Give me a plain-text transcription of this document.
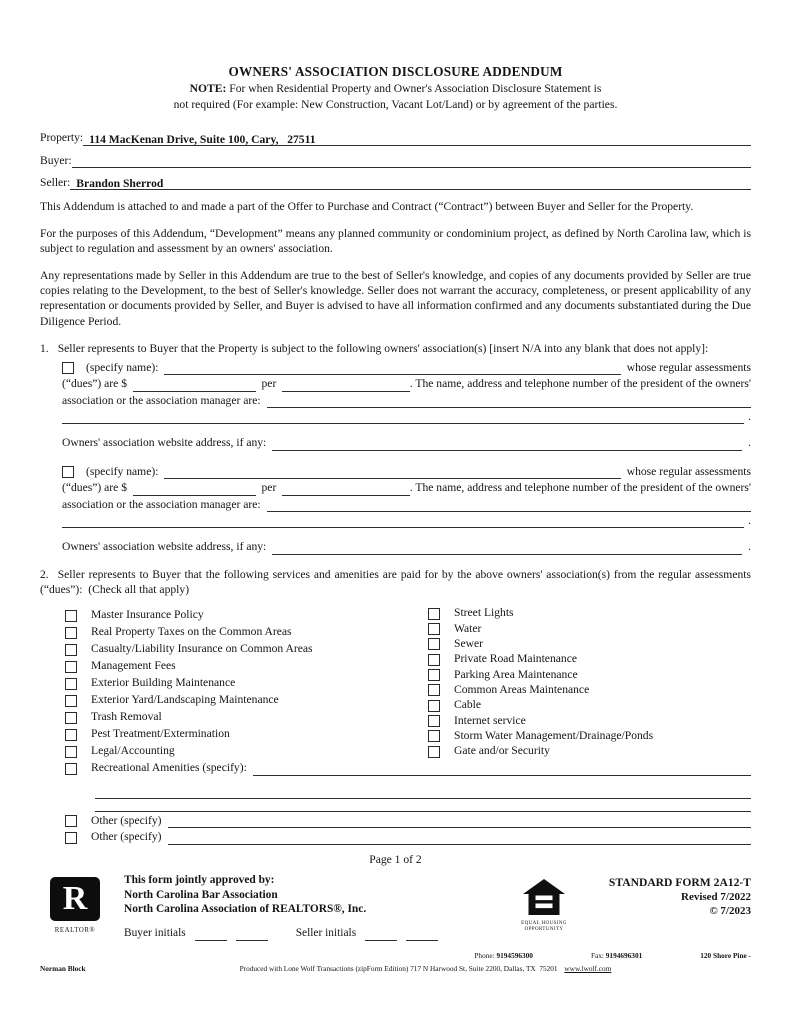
OWNERS' ASSOCIATION DISCLOSURE ADDENDUM
NOTE: For when Residential Property and Owner's Association Disclosure Statement is
not required (For example: New Construction, Vacant Lot/Land) or by agreement of the parties.
Property: 114 MacKenan Drive, Suite 100, Cary,   27511
Buyer:
Seller: Brandon Sherrod

This Addendum is attached to and made a part of the Offer to Purchase and Contract (“Contract”) between Buyer and Seller for the Property.

For the purposes of this Addendum, “Development” means any planned community or condominium project, as defined by North Carolina law, which is subject to regulation and assessment by an owners' association.

Any representations made by Seller in this Addendum are true to the best of Seller's knowledge, and copies of any documents provided by Seller are true copies relating to the Development, to the best of Seller's knowledge. Seller does not warrant the accuracy, completeness, or present applicability of any representation or documents provided by Seller, and Buyer is advised to have all information confirmed and any documents substantiated during the Due Diligence Period.

1. Seller represents to Buyer that the Property is subject to the following owners' association(s) [insert N/A into any blank that does not apply]:

(specify name):	whose regular assessments
(“dues”) are $	per	. The name, address and telephone number of the president of the owners'
association or the association manager are:
.
Owners' association website address, if any:	.
(specify name):	whose regular assessments
(“dues”) are $	per	. The name, address and telephone number of the president of the owners'
association or the association manager are:
.
Owners' association website address, if any:	.

2. Seller represents to Buyer that the following services and amenities are paid for by the above owners' association(s) from the regular assessments (“dues”):  (Check all that apply)

Master Insurance Policy
Real Property Taxes on the Common Areas
Casualty/Liability Insurance on Common Areas
Management Fees
Exterior Building Maintenance
Exterior Yard/Landscaping Maintenance
Trash Removal
Pest Treatment/Extermination
Legal/Accounting
Street Lights
Water
Sewer
Private Road Maintenance
Parking Area Maintenance
Common Areas Maintenance
Cable
Internet service
Storm Water Management/Drainage/Ponds
Gate and/or Security
Recreational Amenities (specify):
Other (specify)
Other (specify)
Page 1 of 2
R
REALTOR®
This form jointly approved by:
North Carolina Bar Association
North Carolina Association of REALTORS®, Inc.
Buyer initials	Seller initials
EQUAL HOUSING OPPORTUNITY
STANDARD FORM 2A12-T
Revised 7/2022
© 7/2023
Phone: 9194596300	Fax: 9194696301	120 Shore Pine -
Norman Block	Produced with Lone Wolf Transactions (zipForm Edition) 717 N Harwood St, Suite 2200, Dallas, TX  75201 www.lwolf.com
